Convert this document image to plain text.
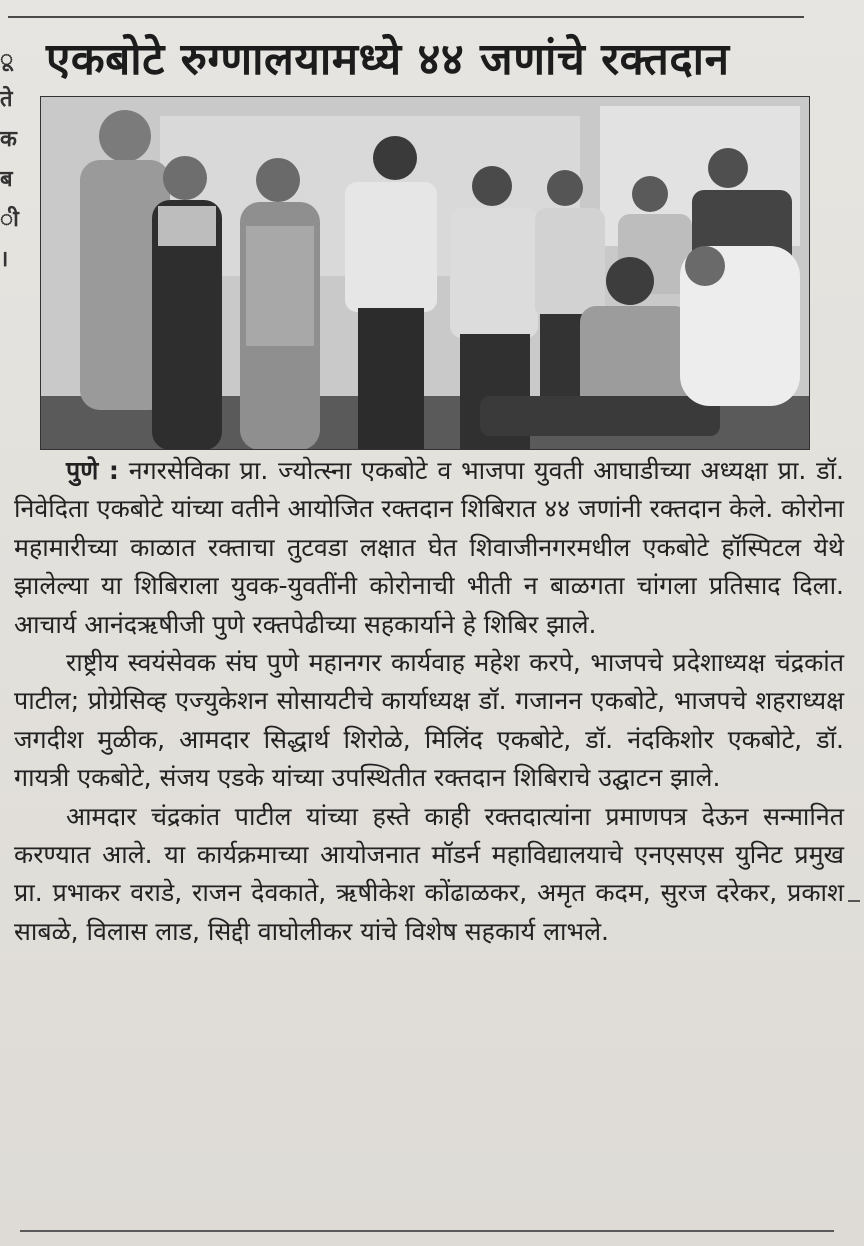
ू
ते
क
ब
ी
।
एकबोटे रुग्णालयामध्ये ४४ जणांचे रक्तदान

पुणे : नगरसेविका प्रा. ज्योत्स्ना एकबोटे व भाजपा युवती आघाडीच्या अध्यक्षा प्रा. डॉ. निवेदिता एकबोटे यांच्या वतीने आयोजित रक्तदान शिबिरात ४४ जणांनी रक्तदान केले. कोरोना महामारीच्या काळात रक्ताचा तुटवडा लक्षात घेत शिवाजीनगरमधील एकबोटे हॉस्पिटल येथे झालेल्या या शिबिराला युवक-युवतींनी कोरोनाची भीती न बाळगता चांगला प्रतिसाद दिला. आचार्य आनंदऋषीजी पुणे रक्तपेढीच्या सहकार्याने हे शिबिर झाले.

राष्ट्रीय स्वयंसेवक संघ पुणे महानगर कार्यवाह महेश करपे, भाजपचे प्रदेशाध्यक्ष चंद्रकांत पाटील; प्रोग्रेसिव्ह एज्युकेशन सोसायटीचे कार्याध्यक्ष डॉ. गजानन एकबोटे, भाजपचे शहराध्यक्ष जगदीश मुळीक, आमदार सिद्धार्थ शिरोळे, मिलिंद एकबोटे, डॉ. नंदकिशोर एकबोटे, डॉ. गायत्री एकबोटे, संजय एडके यांच्या उपस्थितीत रक्तदान शिबिराचे उद्घाटन झाले.

आमदार चंद्रकांत पाटील यांच्या हस्ते काही रक्तदात्यांना प्रमाणपत्र देऊन सन्मानित करण्यात आले. या कार्यक्रमाच्या आयोजनात मॉडर्न महाविद्यालयाचे एनएसएस युनिट प्रमुख प्रा. प्रभाकर वराडे, राजन देवकाते, ऋषीकेश कोंढाळकर, अमृत कदम, सुरज दरेकर, प्रकाश साबळे, विलास लाड, सिद्दी वाघोलीकर यांचे विशेष सहकार्य लाभले.
